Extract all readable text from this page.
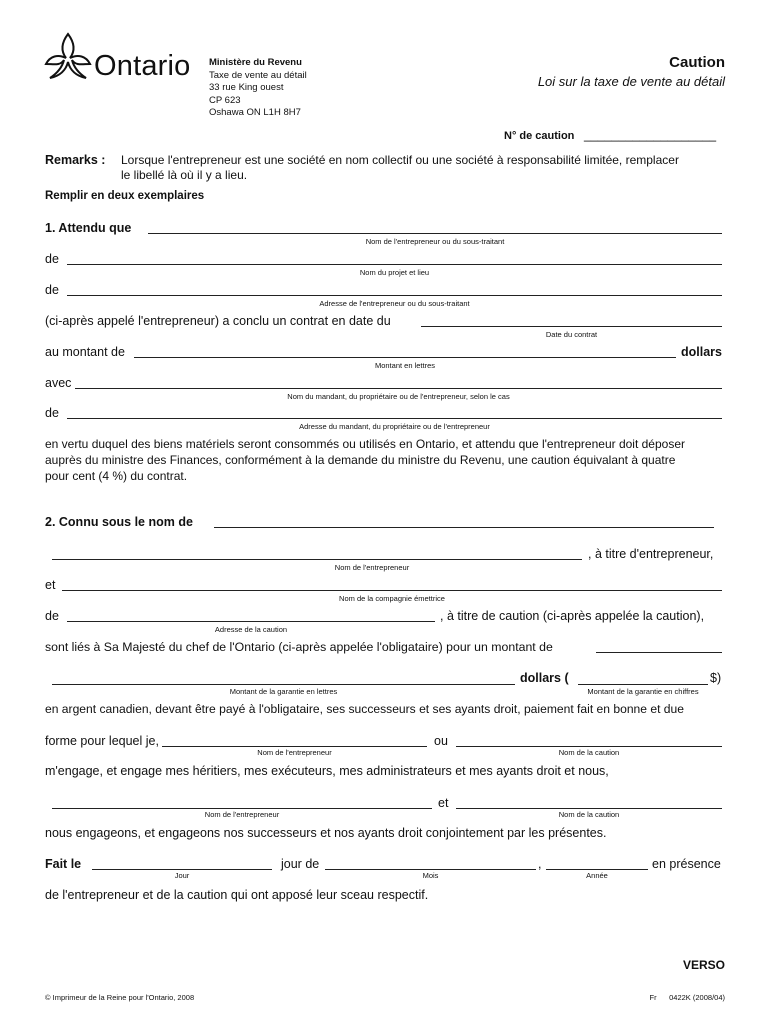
Ontario Ministère du Revenu
Taxe de vente au détail
33 rue King ouest
CP 623
Oshawa ON L1H 8H7
Caution
Loi sur la taxe de vente au détail
N° de caution ___________________
Remarks : Lorsque l'entrepreneur est une société en nom collectif ou une société à responsabilité limitée, remplacer
le libellé là où il y a lieu.
Remplir en deux exemplaires
1. Attendu que
Nom de l'entrepreneur ou du sous-traitant
de
Nom du projet et lieu
de
Adresse de l'entrepreneur ou du sous-traitant
(ci-après appelé l'entrepreneur) a conclu un contrat en date du
Date du contrat
au montant de	dollars
Montant en lettres
avec
Nom du mandant, du propriétaire ou de l'entrepreneur, selon le cas
de
Adresse du mandant, du propriétaire ou de l'entrepreneur
en vertu duquel des biens matériels seront consommés ou utilisés en Ontario, et attendu que l'entrepreneur doit déposer
auprès du ministre des Finances, conformément à la demande du ministre du Revenu, une caution équivalant à quatre
pour cent (4 %) du contrat.
2. Connu sous le nom de
, à titre d'entrepreneur,
Nom de l'entrepreneur
et
Nom de la compagnie émettrice
de	, à titre de caution (ci-après appelée la caution),
Adresse de la caution
sont liés à Sa Majesté du chef de l'Ontario (ci-après appelée l'obligataire) pour un montant de
dollars (	$)
Montant de la garantie en lettres	Montant de la garantie en chiffres
en argent canadien, devant être payé à l'obligataire, ses successeurs et ses ayants droit, paiement fait en bonne et due
forme pour lequel je,	ou
Nom de l'entrepreneur	Nom de la caution
m'engage, et engage mes héritiers, mes exécuteurs, mes administrateurs et mes ayants droit et nous,
et
Nom de l'entrepreneur	Nom de la caution
nous engageons, et engageons nos successeurs et nos ayants droit conjointement par les présentes.
Fait le	jour de	,	en présence
Jour	Mois	Année
de l'entrepreneur et de la caution qui ont apposé leur sceau respectif.
VERSO
© Imprimeur de la Reine pour l'Ontario, 2008	Fr      0422K (2008/04)
